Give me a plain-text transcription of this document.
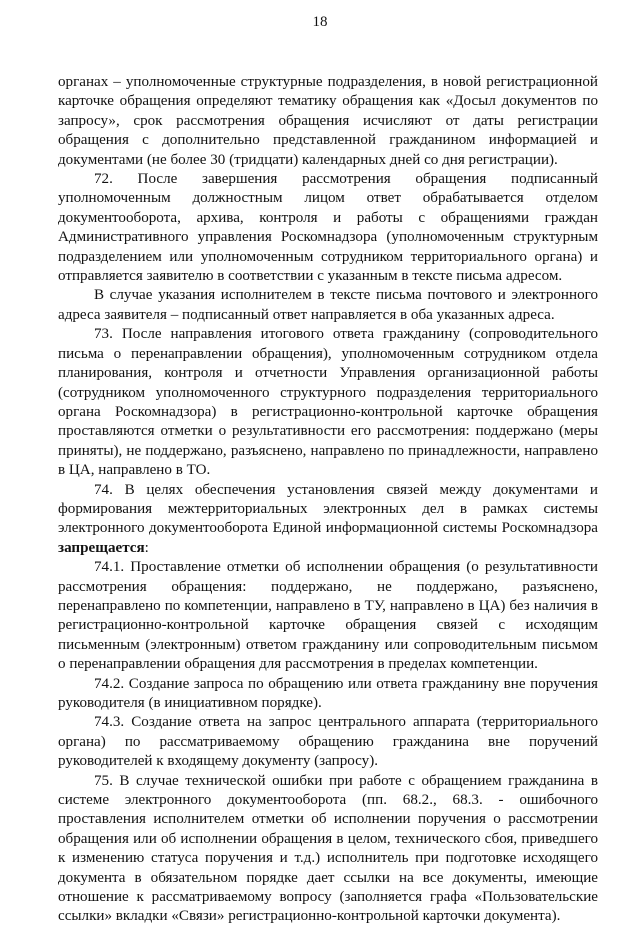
18

органах – уполномоченные структурные подразделения, в новой регистрационной карточке обращения определяют тематику обращения как «Досыл документов по запросу», срок рассмотрения обращения исчисляют от даты регистрации обращения с дополнительно представленной гражданином информацией и документами (не более 30 (тридцати) календарных дней со дня регистрации).

72. После завершения рассмотрения обращения подписанный уполномоченным должностным лицом ответ обрабатывается отделом документооборота, архива, контроля и работы с обращениями граждан Административного управления Роскомнадзора (уполномоченным структурным подразделением или уполномоченным сотрудником территориального органа) и отправляется заявителю в соответствии с указанным в тексте письма адресом.

В случае указания исполнителем в тексте письма почтового и электронного адреса заявителя – подписанный ответ направляется в оба указанных адреса.

73. После направления итогового ответа гражданину (сопроводительного письма о перенаправлении обращения), уполномоченным сотрудником отдела планирования, контроля и отчетности Управления организационной работы (сотрудником уполномоченного структурного подразделения территориального органа Роскомнадзора) в регистрационно-контрольной карточке обращения проставляются отметки о результативности его рассмотрения: поддержано (меры приняты), не поддержано, разъяснено, направлено по принадлежности, направлено в ЦА, направлено в ТО.

74. В целях обеспечения установления связей между документами и формирования межтерриториальных электронных дел в рамках системы электронного документооборота Единой информационной системы Роскомнадзора запрещается:

74.1. Проставление отметки об исполнении обращения (о результативности рассмотрения обращения: поддержано, не поддержано, разъяснено, перенаправлено по компетенции, направлено в ТУ, направлено в ЦА) без наличия в регистрационно-контрольной карточке обращения связей с исходящим письменным (электронным) ответом гражданину или сопроводительным письмом о перенаправлении обращения для рассмотрения в пределах компетенции.

74.2. Создание запроса по обращению или ответа гражданину вне поручения руководителя (в инициативном порядке).

74.3. Создание ответа на запрос центрального аппарата (территориального органа) по рассматриваемому обращению гражданина вне поручений руководителей к входящему документу (запросу).

75. В случае технической ошибки при работе с обращением гражданина в системе электронного документооборота (пп. 68.2., 68.3. - ошибочного проставления исполнителем отметки об исполнении поручения о рассмотрении обращения или об исполнении обращения в целом, технического сбоя, приведшего к изменению статуса поручения и т.д.) исполнитель при подготовке исходящего документа в обязательном порядке дает ссылки на все документы, имеющие отношение к рассматриваемому вопросу (заполняется графа «Пользовательские ссылки» вкладки «Связи» регистрационно-контрольной карточки документа).
